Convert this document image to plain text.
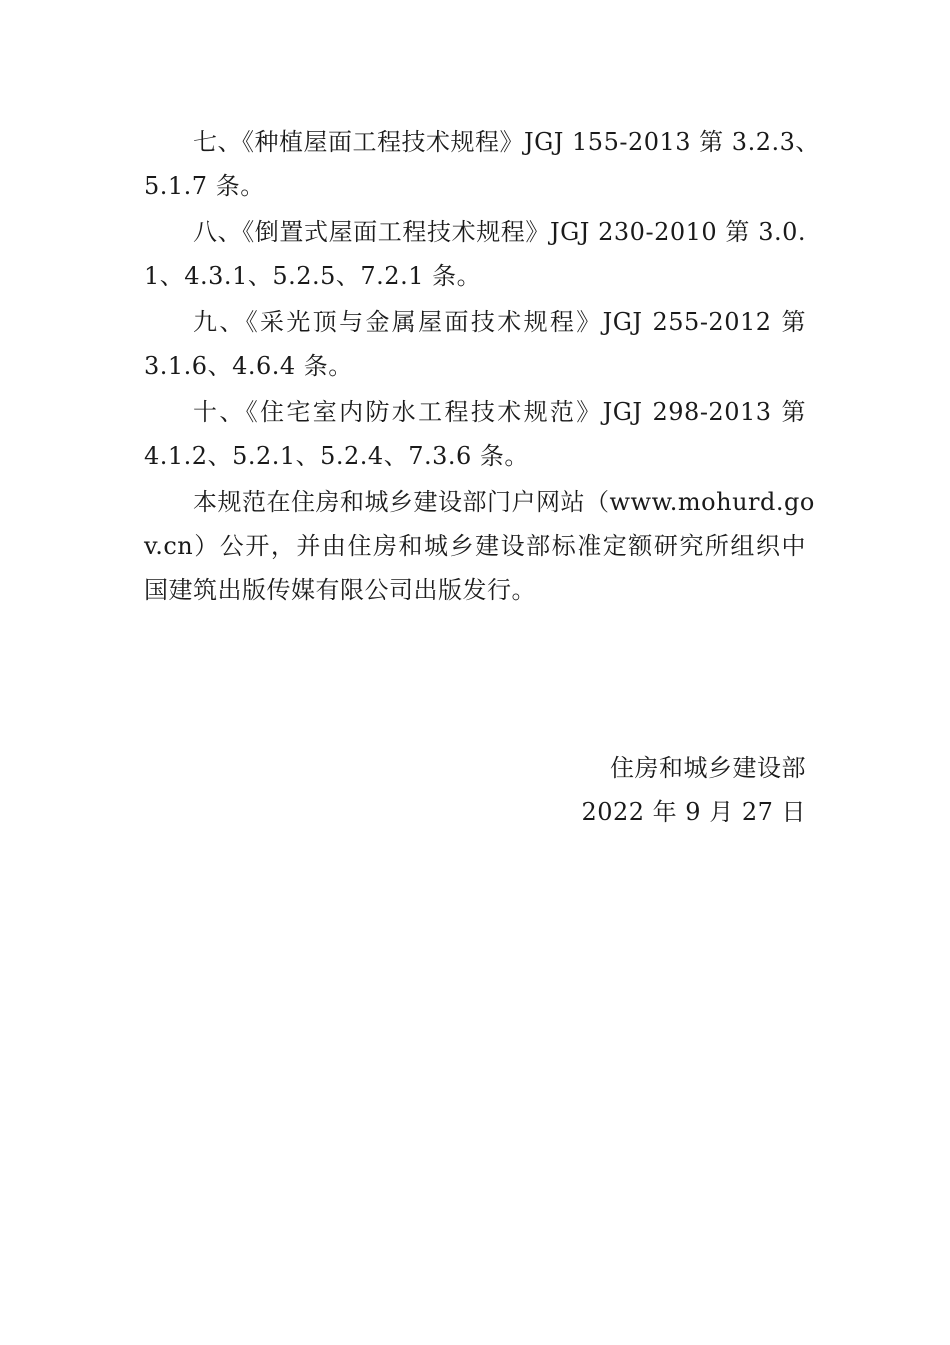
七、《种植屋面工程技术规程》JGJ 155-2013 第 3.2.3、
5.1.7 条。
八、《倒置式屋面工程技术规程》JGJ 230-2010 第 3.0.
1、4.3.1、5.2.5、7.2.1 条。
九、《采光顶与金属屋面技术规程》JGJ 255-2012 第
3.1.6、4.6.4 条。
十、《住宅室内防水工程技术规范》JGJ 298-2013 第
4.1.2、5.2.1、5.2.4、7.3.6 条。
本规范在住房和城乡建设部门户网站（www.mohurd.go
v.cn）公开，并由住房和城乡建设部标准定额研究所组织中
国建筑出版传媒有限公司出版发行。
住房和城乡建设部
2022 年 9 月 27 日
